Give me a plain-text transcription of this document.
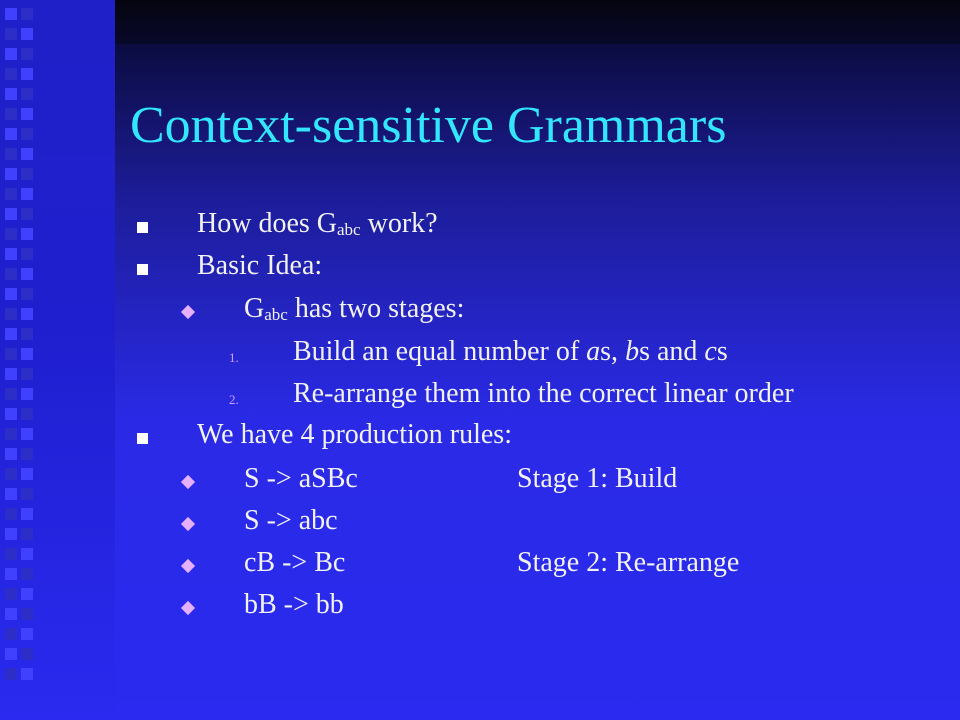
Context-sensitive Grammars
How does $G_{abc}$ work?
Basic Idea:
$G_{abc}$ has two stages:
1. Build an equal number of as, bs and cs
2. Re-arrange them into the correct linear order
We have 4 production rules:
S -> aSBc	Stage 1: Build
S -> abc
cB -> Bc	Stage 2: Re-arrange
bB -> bb
